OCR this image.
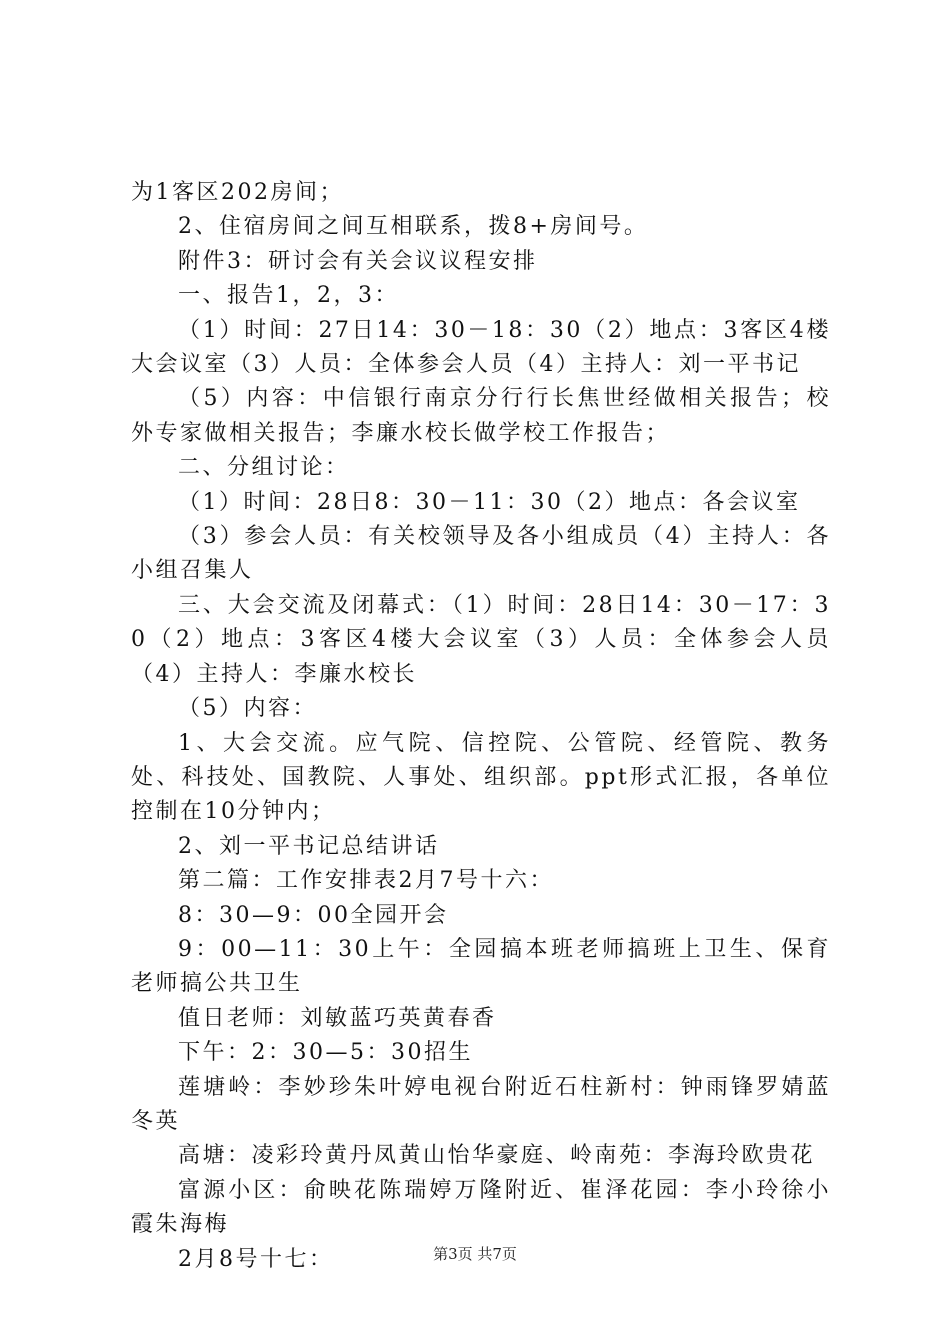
为1客区202房间；

2、住宿房间之间互相联系，拨8+房间号。

附件3：研讨会有关会议议程安排

一、报告1，2，3：

（1）时间：27日14：30－18：30（2）地点：3客区4楼大会议室（3）人员：全体参会人员（4）主持人：刘一平书记

（5）内容：中信银行南京分行行长焦世经做相关报告；校外专家做相关报告；李廉水校长做学校工作报告；

二、分组讨论：

（1）时间：28日8：30－11：30（2）地点：各会议室

（3）参会人员：有关校领导及各小组成员（4）主持人：各小组召集人

三、大会交流及闭幕式：（1）时间：28日14：30－17：30（2）地点：3客区4楼大会议室（3）人员：全体参会人员（4）主持人：李廉水校长

（5）内容：

1、大会交流。应气院、信控院、公管院、经管院、教务处、科技处、国教院、人事处、组织部。ppt形式汇报，各单位控制在10分钟内；

2、刘一平书记总结讲话

第二篇：工作安排表2月7号十六：

8：30—9：00全园开会

9：00—11：30上午：全园搞本班老师搞班上卫生、保育老师搞公共卫生

值日老师：刘敏蓝巧英黄春香

下午：2：30—5：30招生

莲塘岭：李妙珍朱叶婷电视台附近石柱新村：钟雨锋罗婧蓝冬英

高塘：凌彩玲黄丹凤黄山怡华豪庭、岭南苑：李海玲欧贵花

富源小区：俞映花陈瑞婷万隆附近、崔泽花园：李小玲徐小霞朱海梅

2月8号十七：	第3页 共7页
